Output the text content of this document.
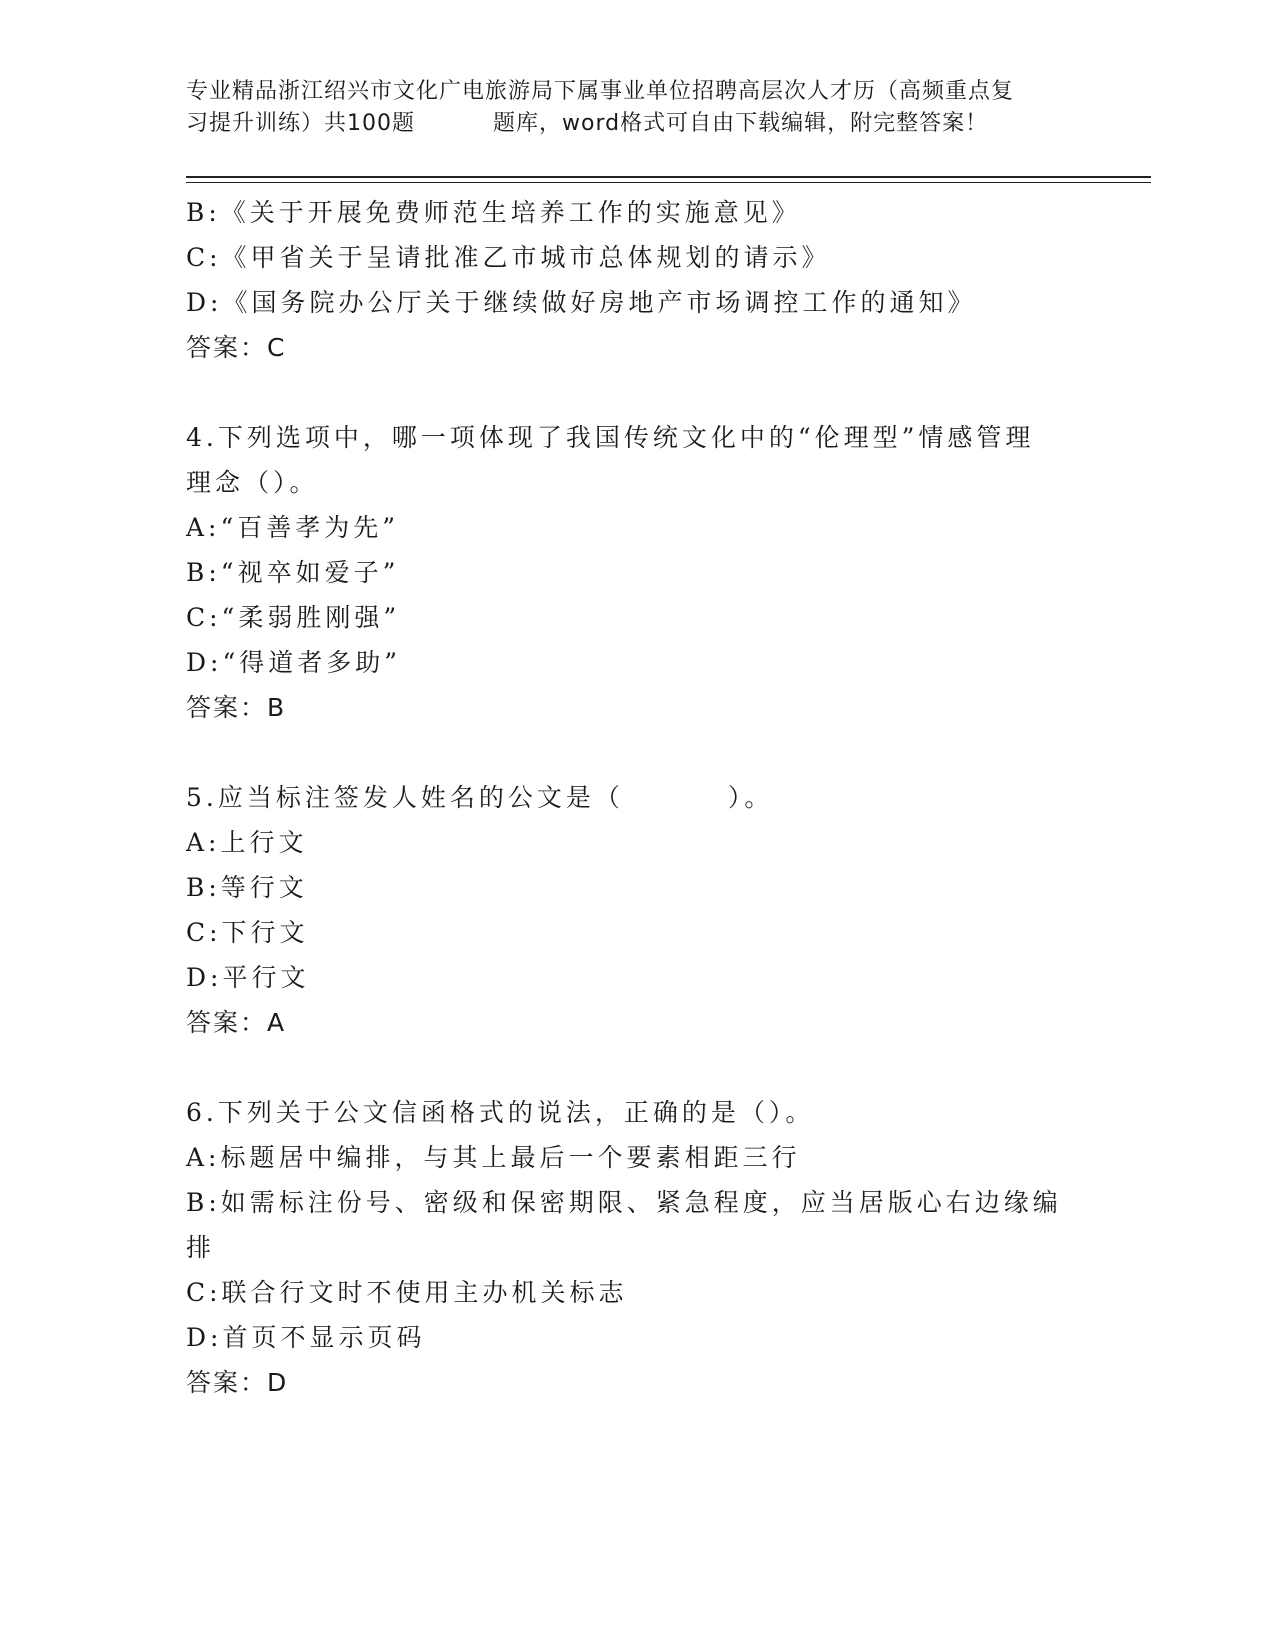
专业精品浙江绍兴市文化广电旅游局下属事业单位招聘高层次人才历（高频重点复
习提升训练）共100题	题库，word格式可自由下载编辑，附完整答案！
B:《关于开展免费师范生培养工作的实施意见》
C:《甲省关于呈请批准乙市城市总体规划的请示》
D:《国务院办公厅关于继续做好房地产市场调控工作的通知》
答案：C
4.下列选项中，哪一项体现了我国传统文化中的“伦理型”情感管理
理念（）。
A:“百善孝为先”
B:“视卒如爱子”
C:“柔弱胜刚强”
D:“得道者多助”
答案：B
5.应当标注签发人姓名的公文是（	）。
A:上行文
B:等行文
C:下行文
D:平行文
答案：A
6.下列关于公文信函格式的说法，正确的是（）。
A:标题居中编排，与其上最后一个要素相距三行
B:如需标注份号、密级和保密期限、紧急程度，应当居版心右边缘编
排
C:联合行文时不使用主办机关标志
D:首页不显示页码
答案：D
